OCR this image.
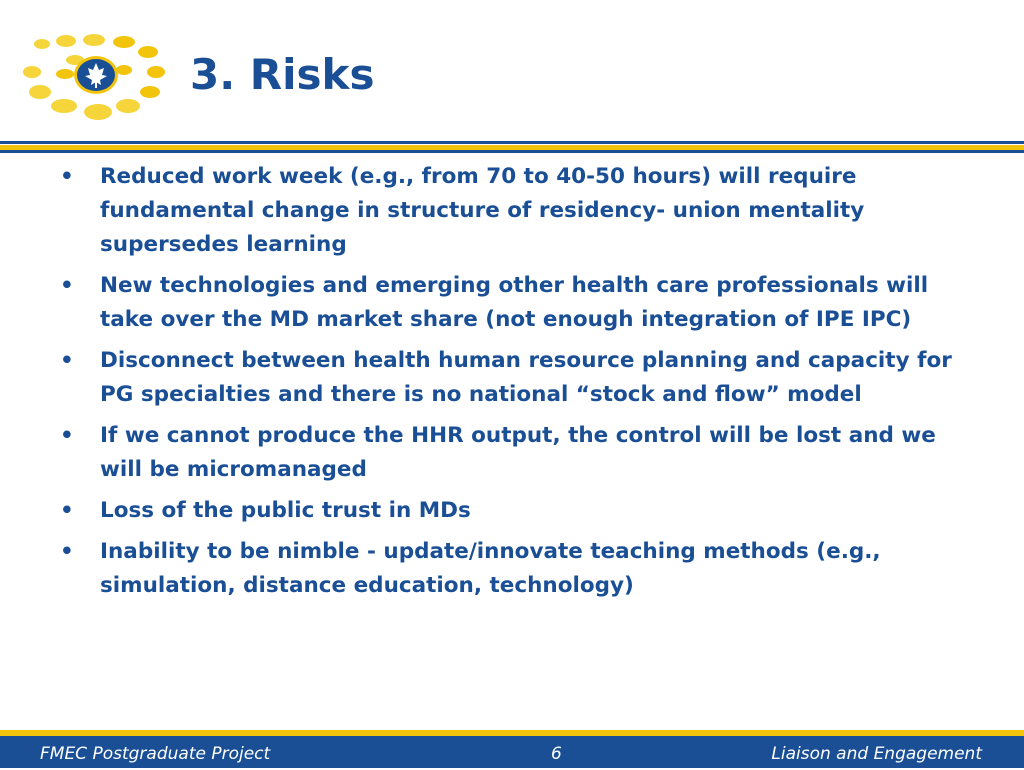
3. Risks
• Reduced work week (e.g., from 70 to 40-50 hours) will require fundamental change in structure of residency- union mentality supersedes learning
• New technologies and emerging other health care professionals will take over the MD market share (not enough integration of IPE IPC)
• Disconnect between health human resource planning and capacity for PG specialties and there is no national “stock and flow” model
• If we cannot produce the HHR output, the control will be lost and we will be micromanaged
• Loss of the public trust in MDs
• Inability to be nimble - update/innovate teaching methods (e.g., simulation, distance education, technology)
FMEC Postgraduate Project	6	Liaison and Engagement
